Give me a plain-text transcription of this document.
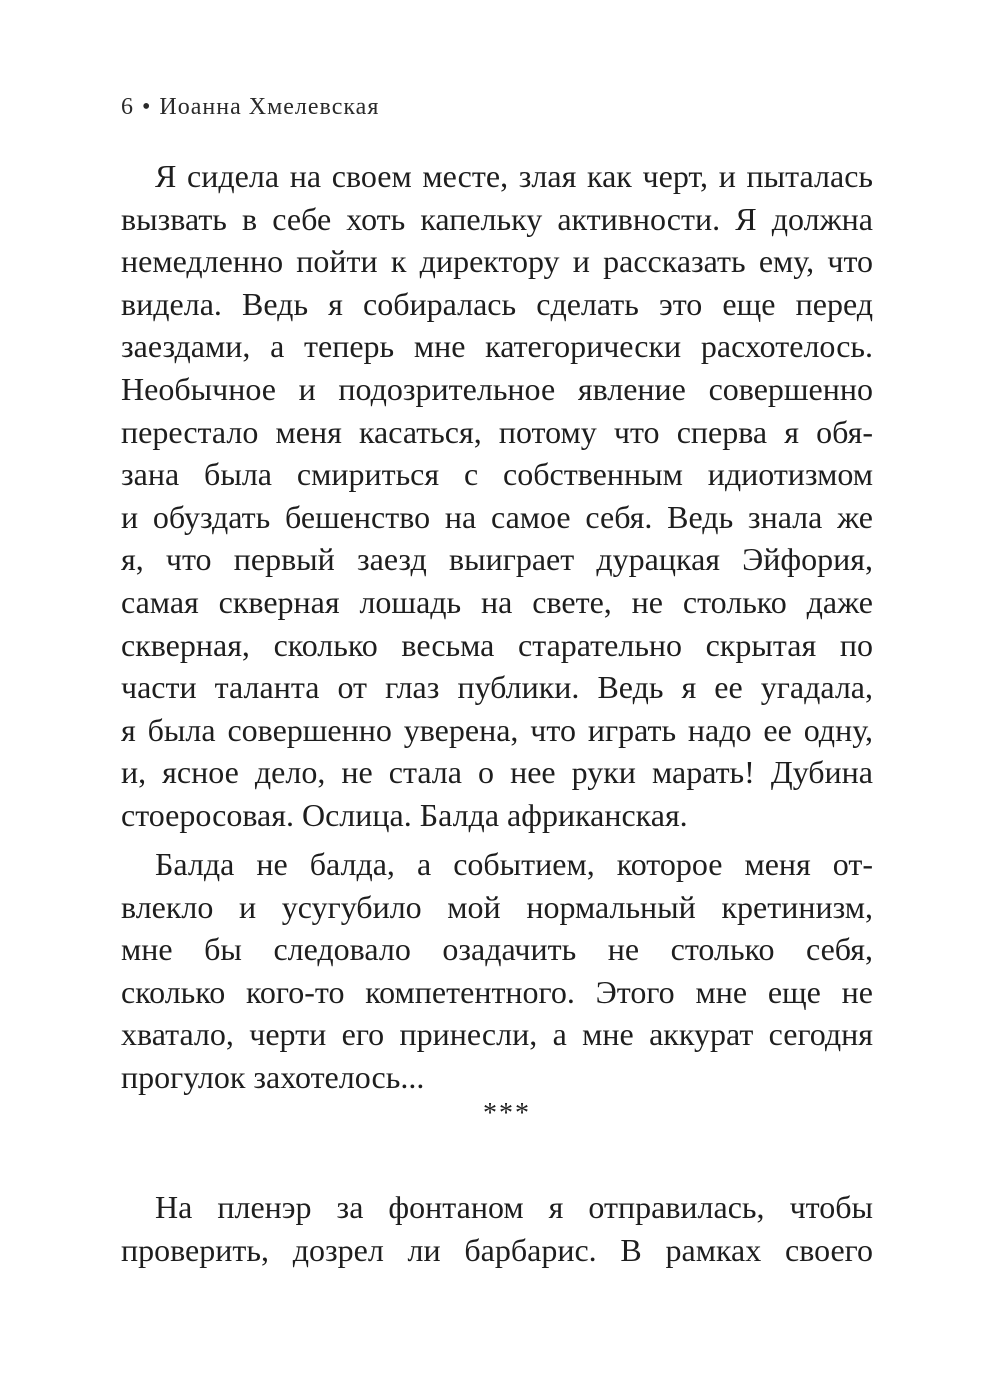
6 • Иоанна Хмелевская
Я сидела на своем месте, злая как черт, и пыталась
вызвать в себе хоть капельку активности. Я должна
немедленно пойти к директору и рассказать ему, что
видела. Ведь я собиралась сделать это еще перед
заездами, а теперь мне категорически расхотелось.
Необычное и подозрительное явление совершенно
перестало меня касаться, потому что сперва я обя-
зана была смириться с собственным идиотизмом
и обуздать бешенство на самое себя. Ведь знала же
я, что первый заезд выиграет дурацкая Эйфория,
самая скверная лошадь на свете, не столько даже
скверная, сколько весьма старательно скрытая по
части таланта от глаз публики. Ведь я ее угадала,
я была совершенно уверена, что играть надо ее одну,
и, ясное дело, не стала о нее руки марать! Дубина
стоеросовая. Ослица. Балда африканская.
Балда не балда, а событием, которое меня от-
влекло и усугубило мой нормальный кретинизм,
мне бы следовало озадачить не столько себя,
сколько кого-то компетентного. Этого мне еще не
хватало, черти его принесли, а мне аккурат сегодня
прогулок захотелось...
***
На пленэр за фонтаном я отправилась, чтобы
проверить, дозрел ли барбарис. В рамках своего
